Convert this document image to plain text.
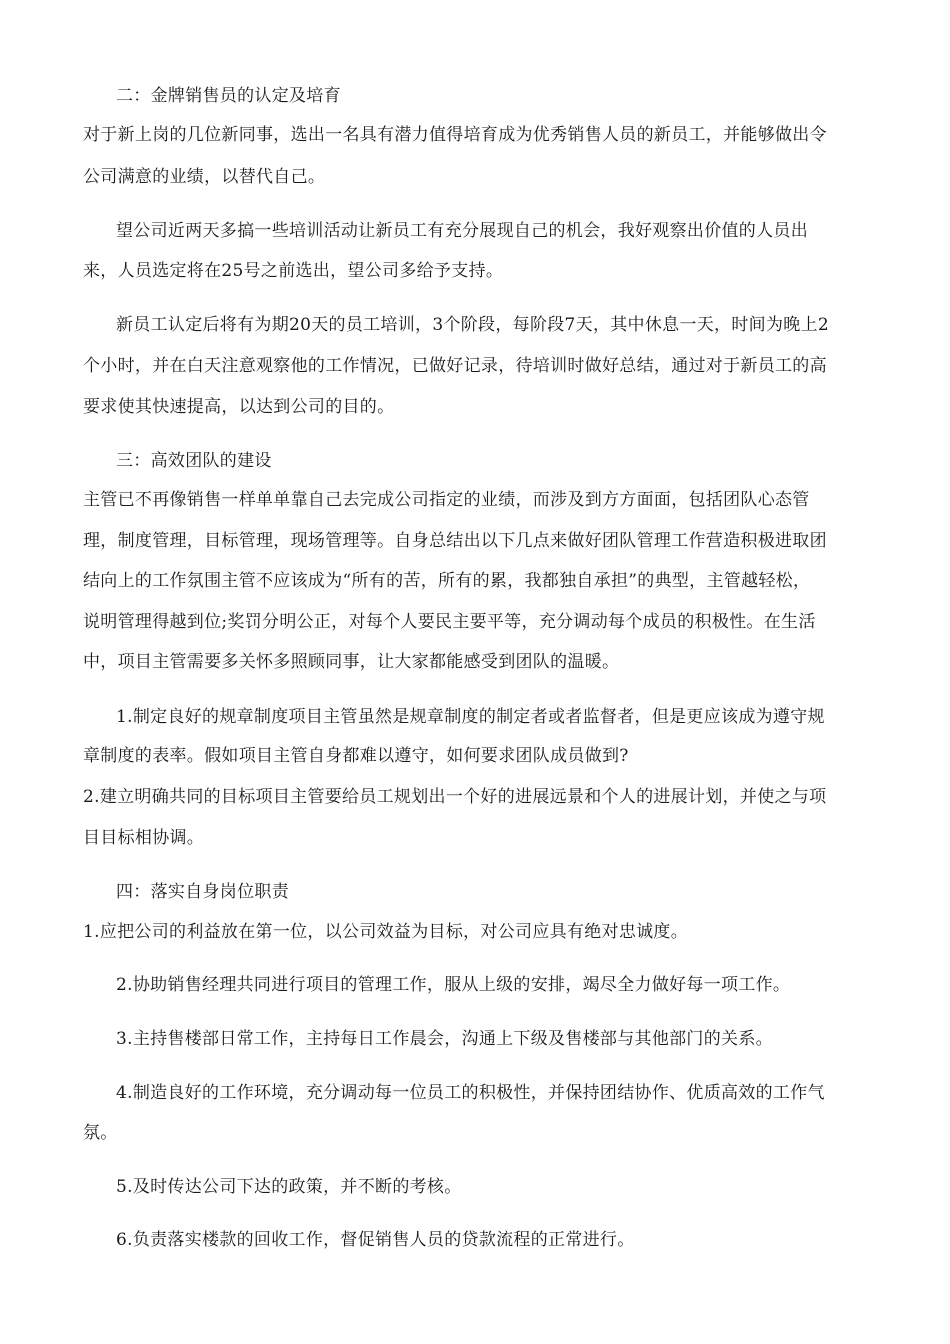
二：金牌销售员的认定及培育
对于新上岗的几位新同事，选出一名具有潜力值得培育成为优秀销售人员的新员工，并能够做出令
公司满意的业绩，以替代自己。
望公司近两天多搞一些培训活动让新员工有充分展现自己的机会，我好观察出价值的人员出
来，人员选定将在25号之前选出，望公司多给予支持。
新员工认定后将有为期20天的员工培训，3个阶段，每阶段7天，其中休息一天，时间为晚上2
个小时，并在白天注意观察他的工作情况，已做好记录，待培训时做好总结，通过对于新员工的高
要求使其快速提高，以达到公司的目的。
三：高效团队的建设
主管已不再像销售一样单单靠自己去完成公司指定的业绩，而涉及到方方面面，包括团队心态管
理，制度管理，目标管理，现场管理等。自身总结出以下几点来做好团队管理工作营造积极进取团
结向上的工作氛围主管不应该成为“所有的苦，所有的累，我都独自承担”的典型，主管越轻松，
说明管理得越到位;奖罚分明公正，对每个人要民主要平等，充分调动每个成员的积极性。在生活
中，项目主管需要多关怀多照顾同事，让大家都能感受到团队的温暖。
1.制定良好的规章制度项目主管虽然是规章制度的制定者或者监督者，但是更应该成为遵守规
章制度的表率。假如项目主管自身都难以遵守，如何要求团队成员做到?
2.建立明确共同的目标项目主管要给员工规划出一个好的进展远景和个人的进展计划，并使之与项
目目标相协调。
四：落实自身岗位职责
1.应把公司的利益放在第一位，以公司效益为目标，对公司应具有绝对忠诚度。
2.协助销售经理共同进行项目的管理工作，服从上级的安排，竭尽全力做好每一项工作。
3.主持售楼部日常工作，主持每日工作晨会，沟通上下级及售楼部与其他部门的关系。
4.制造良好的工作环境，充分调动每一位员工的积极性，并保持团结协作、优质高效的工作气
氛。
5.及时传达公司下达的政策，并不断的考核。
6.负责落实楼款的回收工作，督促销售人员的贷款流程的正常进行。
